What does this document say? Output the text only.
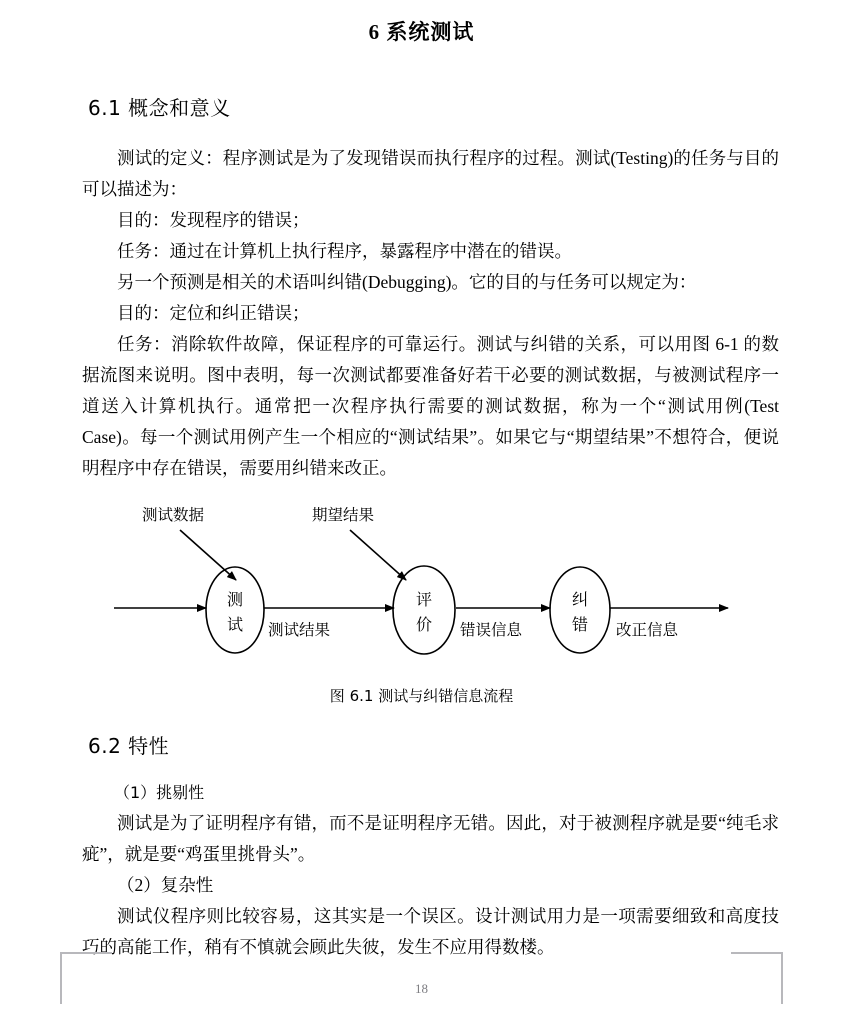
6 系统测试
6.1 概念和意义

测试的定义：程序测试是为了发现错误而执行程序的过程。测试(Testing)的任务与目的可以描述为：

目的：发现程序的错误；

任务：通过在计算机上执行程序，暴露程序中潜在的错误。

另一个预测是相关的术语叫纠错(Debugging)。它的目的与任务可以规定为：

目的：定位和纠正错误；

任务：消除软件故障，保证程序的可靠运行。测试与纠错的关系，可以用图 6-1 的数据流图来说明。图中表明，每一次测试都要准备好若干必要的测试数据，与被测试程序一道送入计算机执行。通常把一次程序执行需要的测试数据，称为一个“测试用例(Test Case)。每一个测试用例产生一个相应的“测试结果”。如果它与“期望结果”不想符合，便说明程序中存在错误，需要用纠错来改正。

测试数据	期望结果
测
试 测试结果
评
价 错误信息
纠
错 改正信息
图 6.1 测试与纠错信息流程
6.2 特性

（1）挑剔性

测试是为了证明程序有错，而不是证明程序无错。因此，对于被测程序就是要“纯毛求疵”，就是要“鸡蛋里挑骨头”。

（2）复杂性

测试仪程序则比较容易，这其实是一个误区。设计测试用力是一项需要细致和高度技巧的高能工作，稍有不慎就会顾此失彼，发生不应用得数楼。

18
